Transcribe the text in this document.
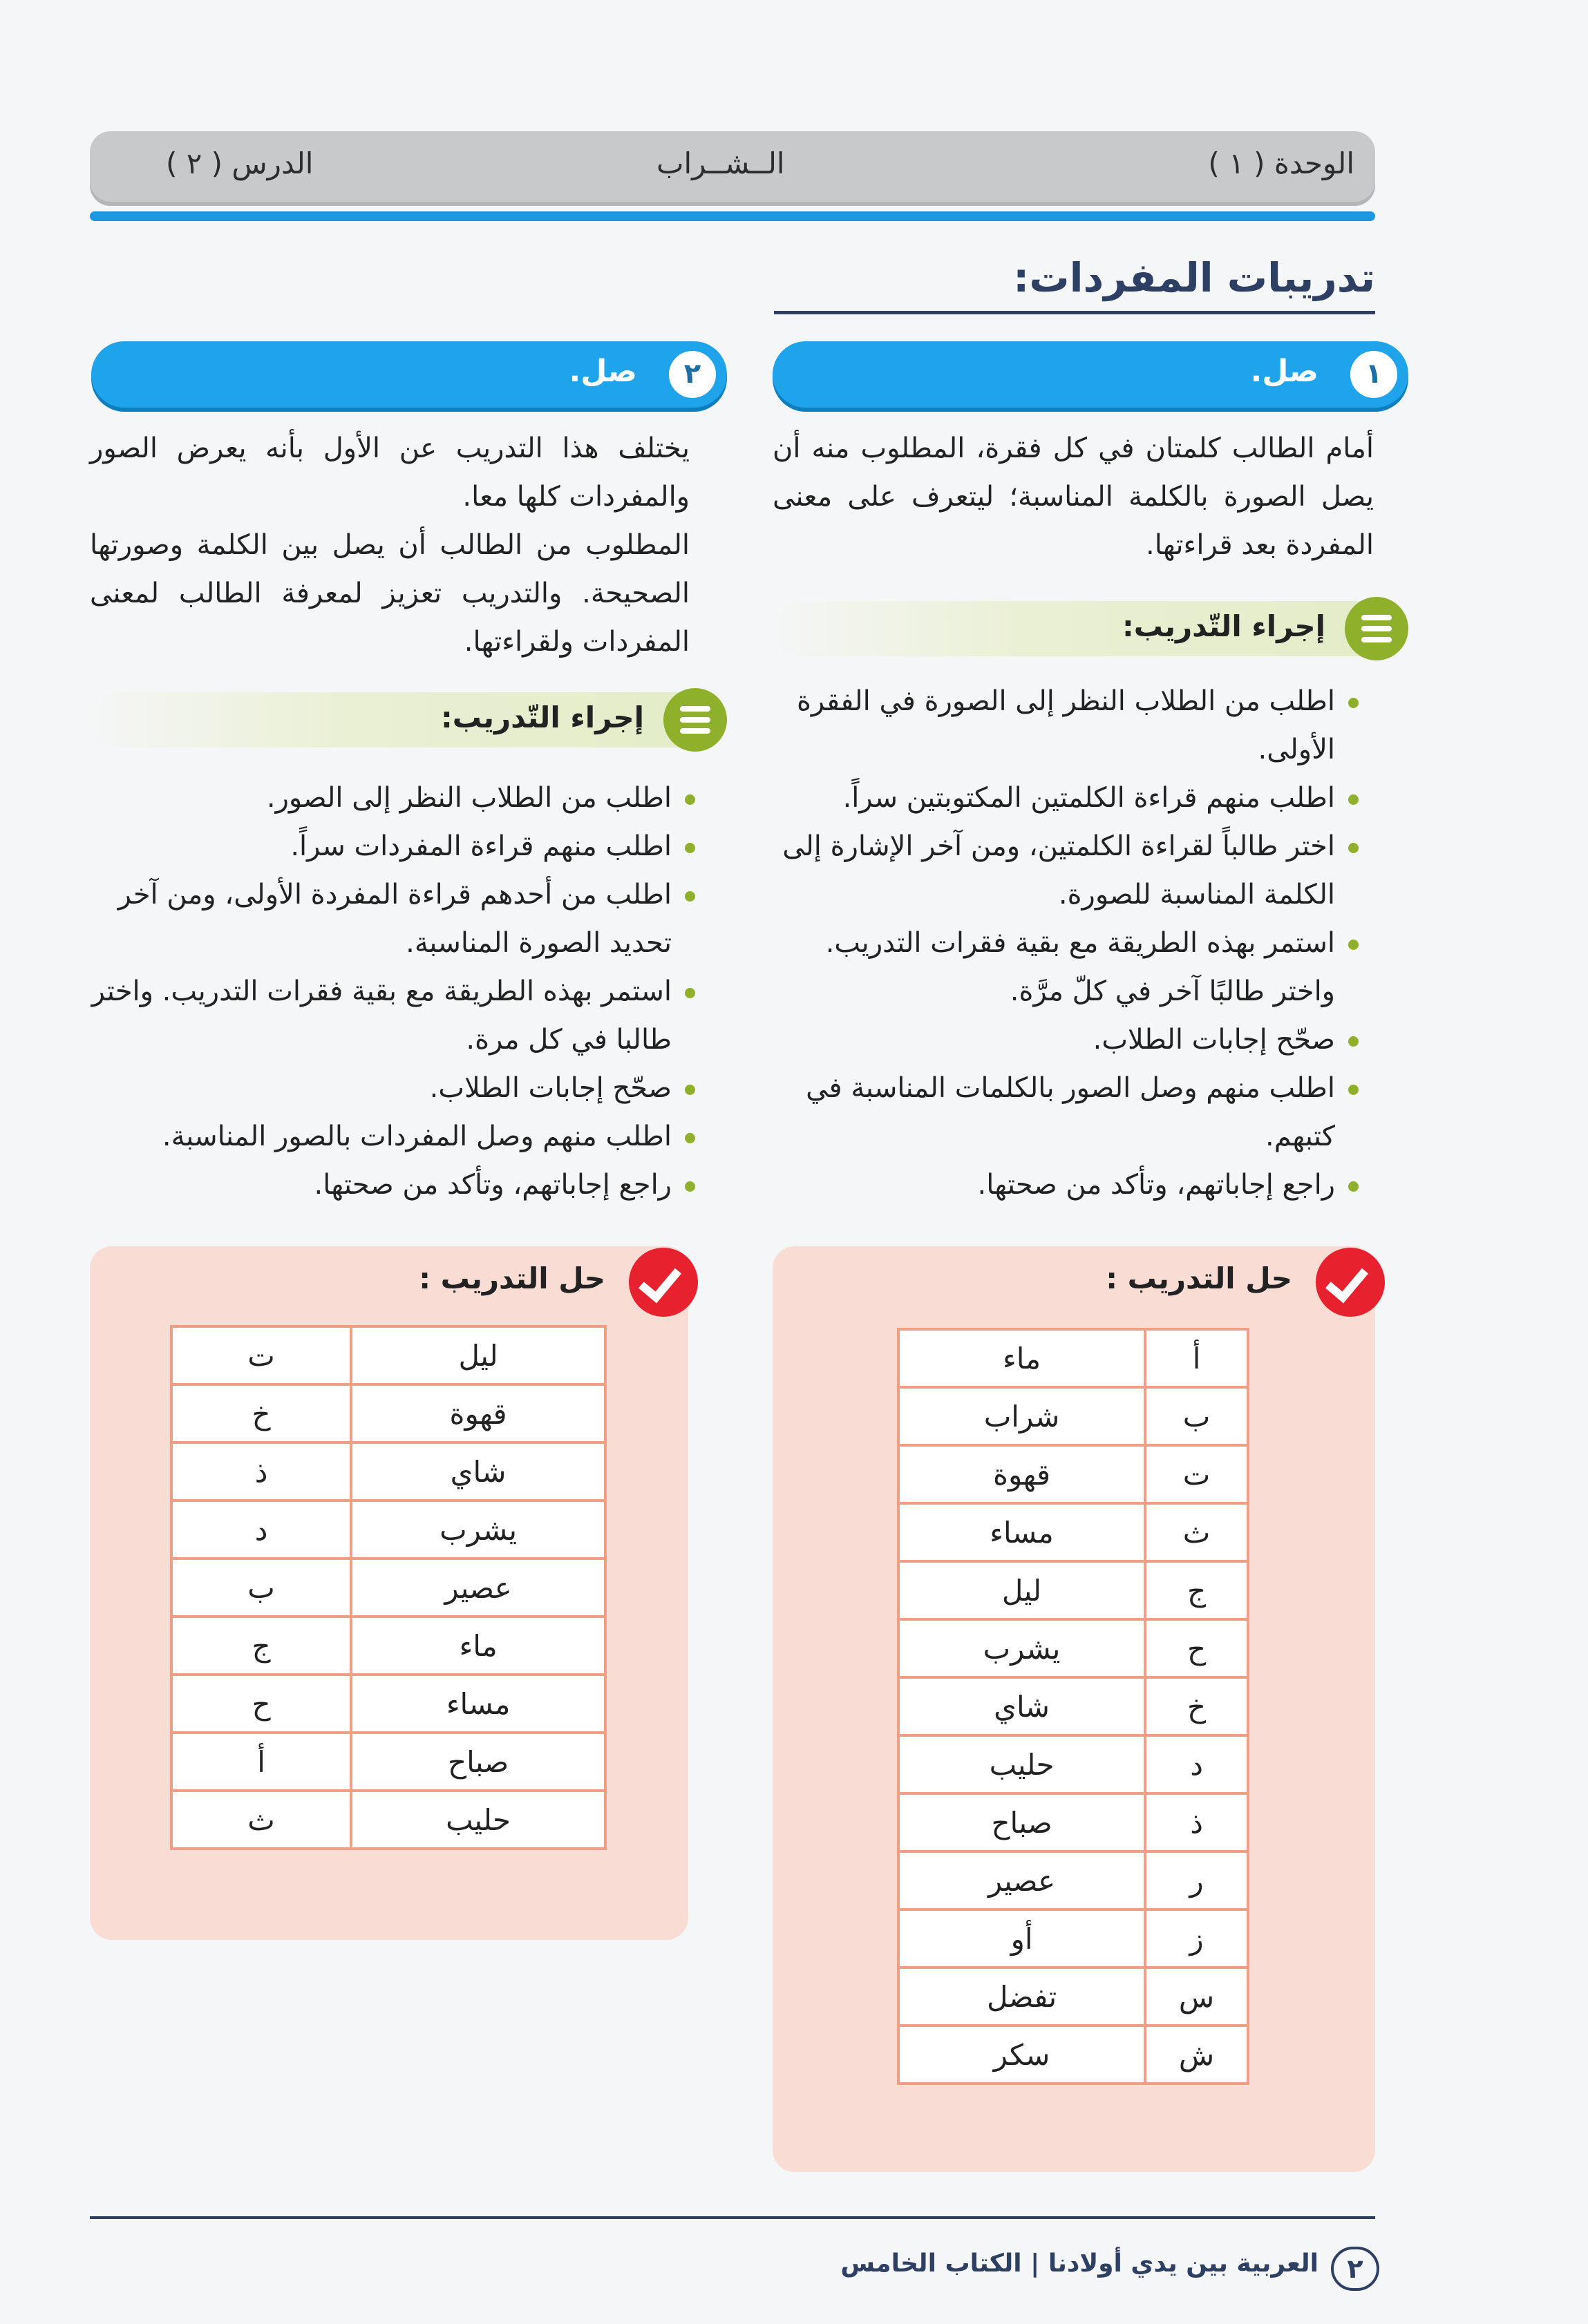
الوحدة ( ١ )
الــشــراب
الدرس ( ٢ )
تدريبات المفردات:
١
صل.
أمام الطالب كلمتان في كل فقرة، المطلوب منه أن يصل الصورة بالكلمة المناسبة؛ ليتعرف على معنى المفردة بعد قراءتها.
إجراء التّدريب:
اطلب من الطلاب النظر إلى الصورة في الفقرة الأولى.
اطلب منهم قراءة الكلمتين المكتوبتين سراً.
اختر طالباً لقراءة الكلمتين، ومن آخر الإشارة إلى الكلمة المناسبة للصورة.
استمر بهذه الطريقة مع بقية فقرات التدريب. واختر طالبًا آخر في كلّ مرَّة.
صحّح إجابات الطلاب.
اطلب منهم وصل الصور بالكلمات المناسبة في كتبهم.
راجع إجاباتهم، وتأكد من صحتها.
حل التدريب :
أ	ماء
ب	شراب
ت	قهوة
ث	مساء
ج	ليل
ح	يشرب
خ	شاي
د	حليب
ذ	صباح
ر	عصير
ز	أو
س	تفضل
ش	سكر
٢
صل.
يختلف هذا التدريب عن الأول بأنه يعرض الصور والمفردات كلها معا.
المطلوب من الطالب أن يصل بين الكلمة وصورتها الصحيحة. والتدريب تعزيز لمعرفة الطالب لمعنى المفردات ولقراءتها.
إجراء التّدريب:
اطلب من الطلاب النظر إلى الصور.
اطلب منهم قراءة المفردات سراً.
اطلب من أحدهم قراءة المفردة الأولى، ومن آخر تحديد الصورة المناسبة.
استمر بهذه الطريقة مع بقية فقرات التدريب. واختر طالبا في كل مرة.
صحّح إجابات الطلاب.
اطلب منهم وصل المفردات بالصور المناسبة.
راجع إجاباتهم، وتأكد من صحتها.
حل التدريب :
ليل	ت
قهوة	خ
شاي	ذ
يشرب	د
عصير	ب
ماء	ج
مساء	ح
صباح	أ
حليب	ث
٢
العربية بين يدي أولادنا | الكتاب الخامس
